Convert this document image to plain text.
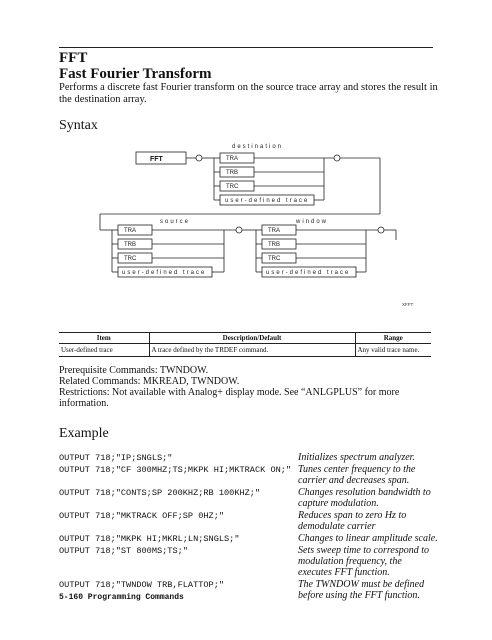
FFT
Fast Fourier Transform
Performs a discrete fast Fourier transform on the source trace array and stores the result in the destination array.
Syntax
destination
FFT	TRA
TRB
TRC
user-defined trace
source
TRA
TRB
TRC
user-defined trace
window
TRA
TRB
TRC
user-defined trace
XFFT
Item	Description/Default	Range
User-defined trace	A trace defined by the TRDEF command.	Any valid trace name.
Prerequisite Commands: TWNDOW.
Related Commands: MKREAD, TWNDOW.
Restrictions: Not available with Analog+ display mode. See “ANLGPLUS” for more information.
Example
OUTPUT 718;"IP;SNGLS;"	Initializes spectrum analyzer.
OUTPUT 718;"CF 300MHZ;TS;MKPK HI;MKTRACK ON;" Tunes center frequency to the carrier and decreases span.
OUTPUT 718;"CONTS;SP 200KHZ;RB 100KHZ;"	Changes resolution bandwidth to capture modulation.
OUTPUT 718;"MKTRACK OFF;SP 0HZ;"	Reduces span to zero Hz to demodulate carrier
OUTPUT 718;"MKPK HI;MKRL;LN;SNGLS;"	Changes to linear amplitude scale.
OUTPUT 718;"ST 800MS;TS;"	Sets sweep time to correspond to modulation frequency, the executes FFT function.
OUTPUT 718;"TWNDOW TRB,FLATTOP;"	The TWNDOW must be defined before using the FFT function.
5-160 Programming Commands
